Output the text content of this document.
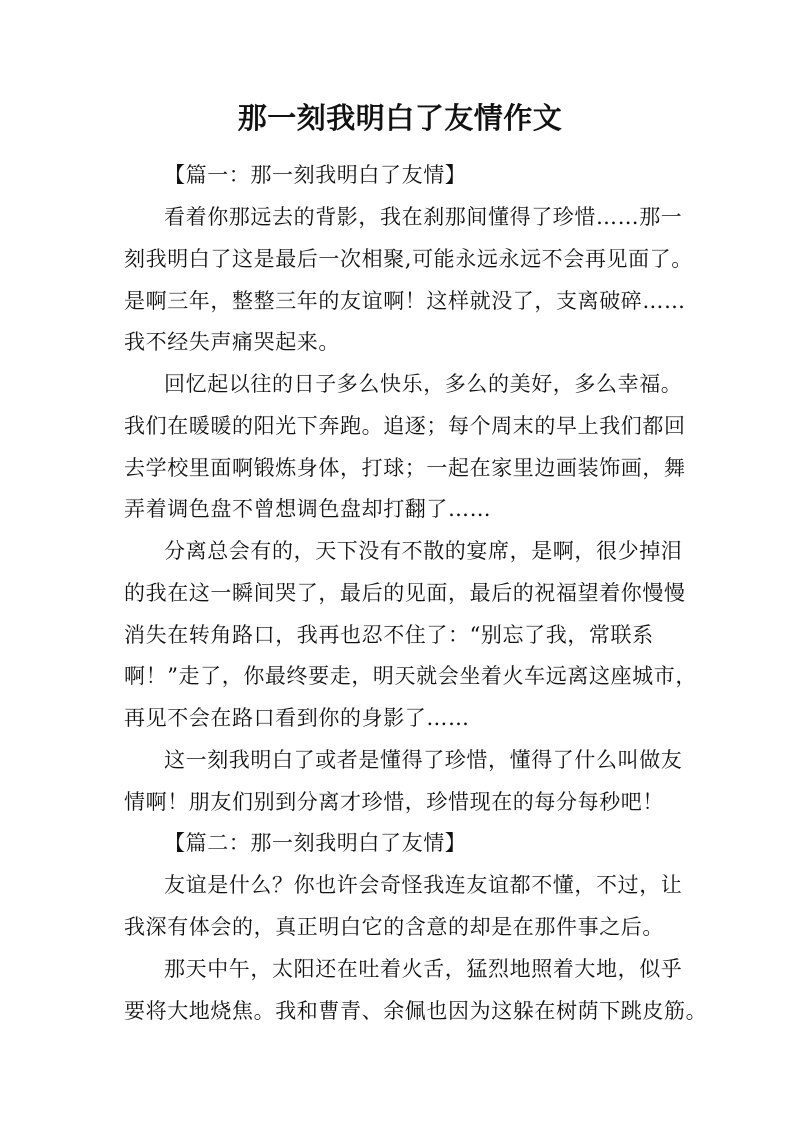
那一刻我明白了友情作文
【篇一：那一刻我明白了友情】
看着你那远去的背影，我在刹那间懂得了珍惜……那一
刻我明白了这是最后一次相聚,可能永远永远不会再见面了。
是啊三年，整整三年的友谊啊！这样就没了，支离破碎……
我不经失声痛哭起来。
回忆起以往的日子多么快乐，多么的美好，多么幸福。
我们在暖暖的阳光下奔跑。追逐；每个周末的早上我们都回
去学校里面啊锻炼身体，打球；一起在家里边画装饰画，舞
弄着调色盘不曾想调色盘却打翻了……
分离总会有的，天下没有不散的宴席，是啊，很少掉泪
的我在这一瞬间哭了，最后的见面，最后的祝福望着你慢慢
消失在转角路口，我再也忍不住了：“别忘了我，常联系
啊！”走了，你最终要走，明天就会坐着火车远离这座城市，
再见不会在路口看到你的身影了……
这一刻我明白了或者是懂得了珍惜，懂得了什么叫做友
情啊！朋友们别到分离才珍惜，珍惜现在的每分每秒吧！
【篇二：那一刻我明白了友情】
友谊是什么？你也许会奇怪我连友谊都不懂，不过，让
我深有体会的，真正明白它的含意的却是在那件事之后。
那天中午，太阳还在吐着火舌，猛烈地照着大地，似乎
要将大地烧焦。我和曹青、余佩也因为这躲在树荫下跳皮筋。
